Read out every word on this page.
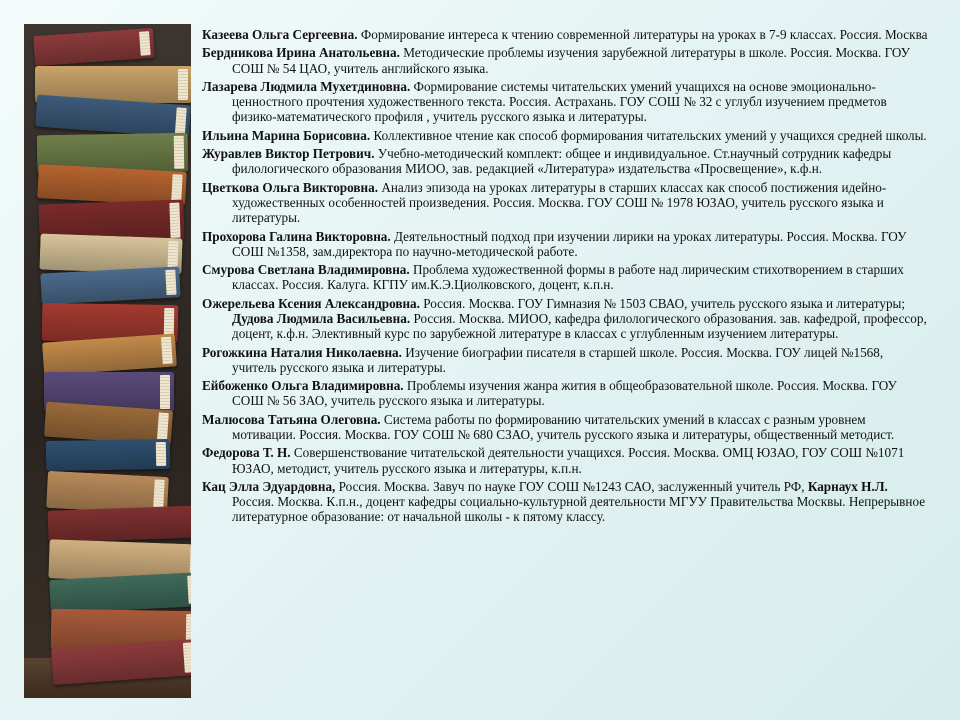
Казеева Ольга Сергеевна. Формирование интереса к чтению современной литературы на уроках в 7-9 классах. Россия. Москва

Бердникова Ирина Анатольевна. Методические проблемы изучения зарубежной литературы в школе. Россия. Москва. ГОУ СОШ № 54 ЦАО, учитель английского языка.

Лазарева Людмила Мухетдиновна. Формирование системы читательских умений учащихся на основе эмоционально-ценностного прочтения художественного текста. Россия. Астрахань. ГОУ СОШ № 32 с углубл изучением предметов физико-математического профиля , учитель русского языка и литературы.

Ильина Марина Борисовна. Коллективное чтение как способ формирования читательских умений у учащихся средней школы.

Журавлев Виктор Петрович. Учебно-методический комплект: общее и индивидуальное. Ст.научный сотрудник кафедры филологического образования МИОО, зав. редакцией «Литература» издательства «Просвещение», к.ф.н.

Цветкова Ольга Викторовна. Анализ эпизода на уроках литературы в старших классах как способ постижения идейно-художественных особенностей произведения. Россия. Москва. ГОУ СОШ № 1978 ЮЗАО, учитель русского языка и литературы.

Прохорова Галина Викторовна. Деятельностный подход при изучении лирики на уроках литературы. Россия. Москва. ГОУ СОШ №1358, зам.директора по научно-методической работе.

Смурова Светлана Владимировна. Проблема художественной формы в работе над лирическим стихотворением в старших классах. Россия. Калуга. КГПУ им.К.Э.Циолковского, доцент, к.п.н.

Ожерельева Ксения Александровна. Россия. Москва. ГОУ Гимназия № 1503 СВАО, учитель русского языка и литературы; Дудова Людмила Васильевна. Россия. Москва. МИОО, кафедра филологического образования. зав. кафедрой, профессор, доцент, к.ф.н. Элективный курс по зарубежной литературе в классах с углубленным изучением литературы.

Рогожкина Наталия Николаевна. Изучение биографии писателя в старшей школе. Россия. Москва. ГОУ лицей №1568, учитель русского языка и литературы.

Ейбоженко Ольга Владимировна. Проблемы изучения жанра жития в общеобразовательной школе. Россия. Москва. ГОУ СОШ № 56 ЗАО, учитель русского языка и литературы.

Малюсова Татьяна Олеговна. Система работы по формированию читательских умений в классах с разным уровнем мотивации. Россия. Москва. ГОУ СОШ № 680 СЗАО, учитель русского языка и литературы, общественный методист.

Федорова Т. Н. Совершенствование читательской деятельности учащихся. Россия. Москва. ОМЦ ЮЗАО, ГОУ СОШ №1071 ЮЗАО, методист, учитель русского языка и литературы, к.п.н.

Кац Элла Эдуардовна, Россия. Москва. Завуч по науке ГОУ СОШ №1243 САО, заслуженный учитель РФ, Карнаух Н.Л. Россия. Москва. К.п.н., доцент кафедры социально-культурной деятельности МГУУ Правительства Москвы. Непрерывное литературное образование: от начальной школы - к пятому классу.
